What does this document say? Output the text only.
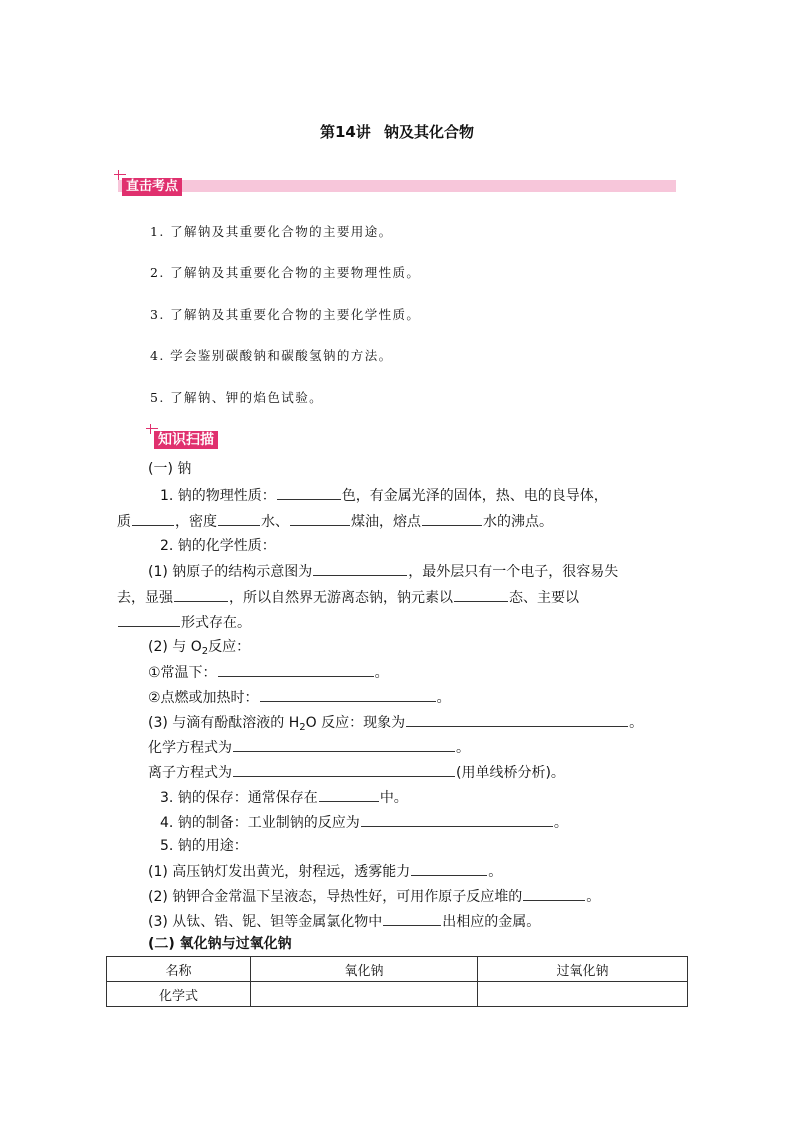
第14讲 钠及其化合物
直击考点
1. 了解钠及其重要化合物的主要用途。
2. 了解钠及其重要化合物的主要物理性质。
3. 了解钠及其重要化合物的主要化学性质。
4. 学会鉴别碳酸钠和碳酸氢钠的方法。
5. 了解钠、钾的焰色试验。
知识扫描
(一) 钠
1. 钠的物理性质：	色，有金属光泽的固体，热、电的良导体，
质	，密度	水、	煤油，熔点	水的沸点。
2. 钠的化学性质：
(1) 钠原子的结构示意图为	，最外层只有一个电子，很容易失
去，显强	，所以自然界无游离态钠，钠元素以	态、主要以
形式存在。
(2) 与 $O_2$反应：
①常温下：	。
②点燃或加热时：	。
(3) 与滴有酚酞溶液的 $H_2O$ 反应：现象为	。
化学方程式为	。
离子方程式为	(用单线桥分析)。
3. 钠的保存：通常保存在	中。
4. 钠的制备：工业制钠的反应为	。
5. 钠的用途：
(1) 高压钠灯发出黄光，射程远，透雾能力	。
(2) 钠钾合金常温下呈液态，导热性好，可用作原子反应堆的	。
(3) 从钛、锆、铌、钽等金属氯化物中	出相应的金属。
(二) 氧化钠与过氧化钠
名称	氧化钠	过氧化钠
化学式		
